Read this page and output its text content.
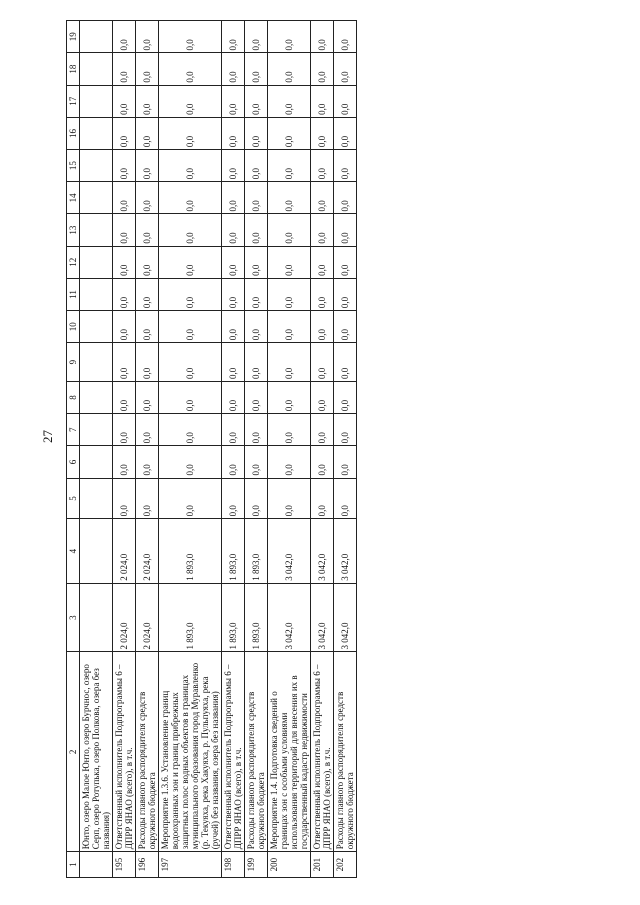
27
1	2	3	4	5	6	7	8	9	10	11	12	13	14	15	16	17	18	19
	Юнто, озеро Малое Юнто, озеро Бурчнос, озеро Серп, озеро Ротупька, озеро Полкова, озера без названия)																	
195	Ответственный исполнитель Подпрограммы 6 – ДПРР ЯНАО (всего), в т.ч.	2 024,0	2 024,0	0,0	0,0	0,0	0,0	0,0	0,0	0,0	0,0	0,0	0,0	0,0	0,0	0,0	0,0	0,0
196	Расходы главного распорядителя средств окружного бюджета	2 024,0	2 024,0	0,0	0,0	0,0	0,0	0,0	0,0	0,0	0,0	0,0	0,0	0,0	0,0	0,0	0,0	0,0
197	Мероприятие 1.3.6. Установление границ водоохранных зон и границ прибрежных защитных полос водных объектов в границах муниципального образования город Муравленко (р. Текуяха, река Хакуяха, р. Пульпуяха, река (ручей) без названия, озера без названия)	1 893,0	1 893,0	0,0	0,0	0,0	0,0	0,0	0,0	0,0	0,0	0,0	0,0	0,0	0,0	0,0	0,0	0,0
198	Ответственный исполнитель Подпрограммы 6 – ДПРР ЯНАО (всего), в т.ч.	1 893,0	1 893,0	0,0	0,0	0,0	0,0	0,0	0,0	0,0	0,0	0,0	0,0	0,0	0,0	0,0	0,0	0,0
199	Расходы главного распорядителя средств окружного бюджета	1 893,0	1 893,0	0,0	0,0	0,0	0,0	0,0	0,0	0,0	0,0	0,0	0,0	0,0	0,0	0,0	0,0	0,0
200	Мероприятие 1.4. Подготовка сведений о границах зон с особыми условиями использования территорий для внесения их в государственный кадастр недвижимости	3 042,0	3 042,0	0,0	0,0	0,0	0,0	0,0	0,0	0,0	0,0	0,0	0,0	0,0	0,0	0,0	0,0	0,0
201	Ответственный исполнитель Подпрограммы 6 – ДПРР ЯНАО (всего), в т.ч.	3 042,0	3 042,0	0,0	0,0	0,0	0,0	0,0	0,0	0,0	0,0	0,0	0,0	0,0	0,0	0,0	0,0	0,0
202	Расходы главного распорядителя средств окружного бюджета	3 042,0	3 042,0	0,0	0,0	0,0	0,0	0,0	0,0	0,0	0,0	0,0	0,0	0,0	0,0	0,0	0,0	0,0
